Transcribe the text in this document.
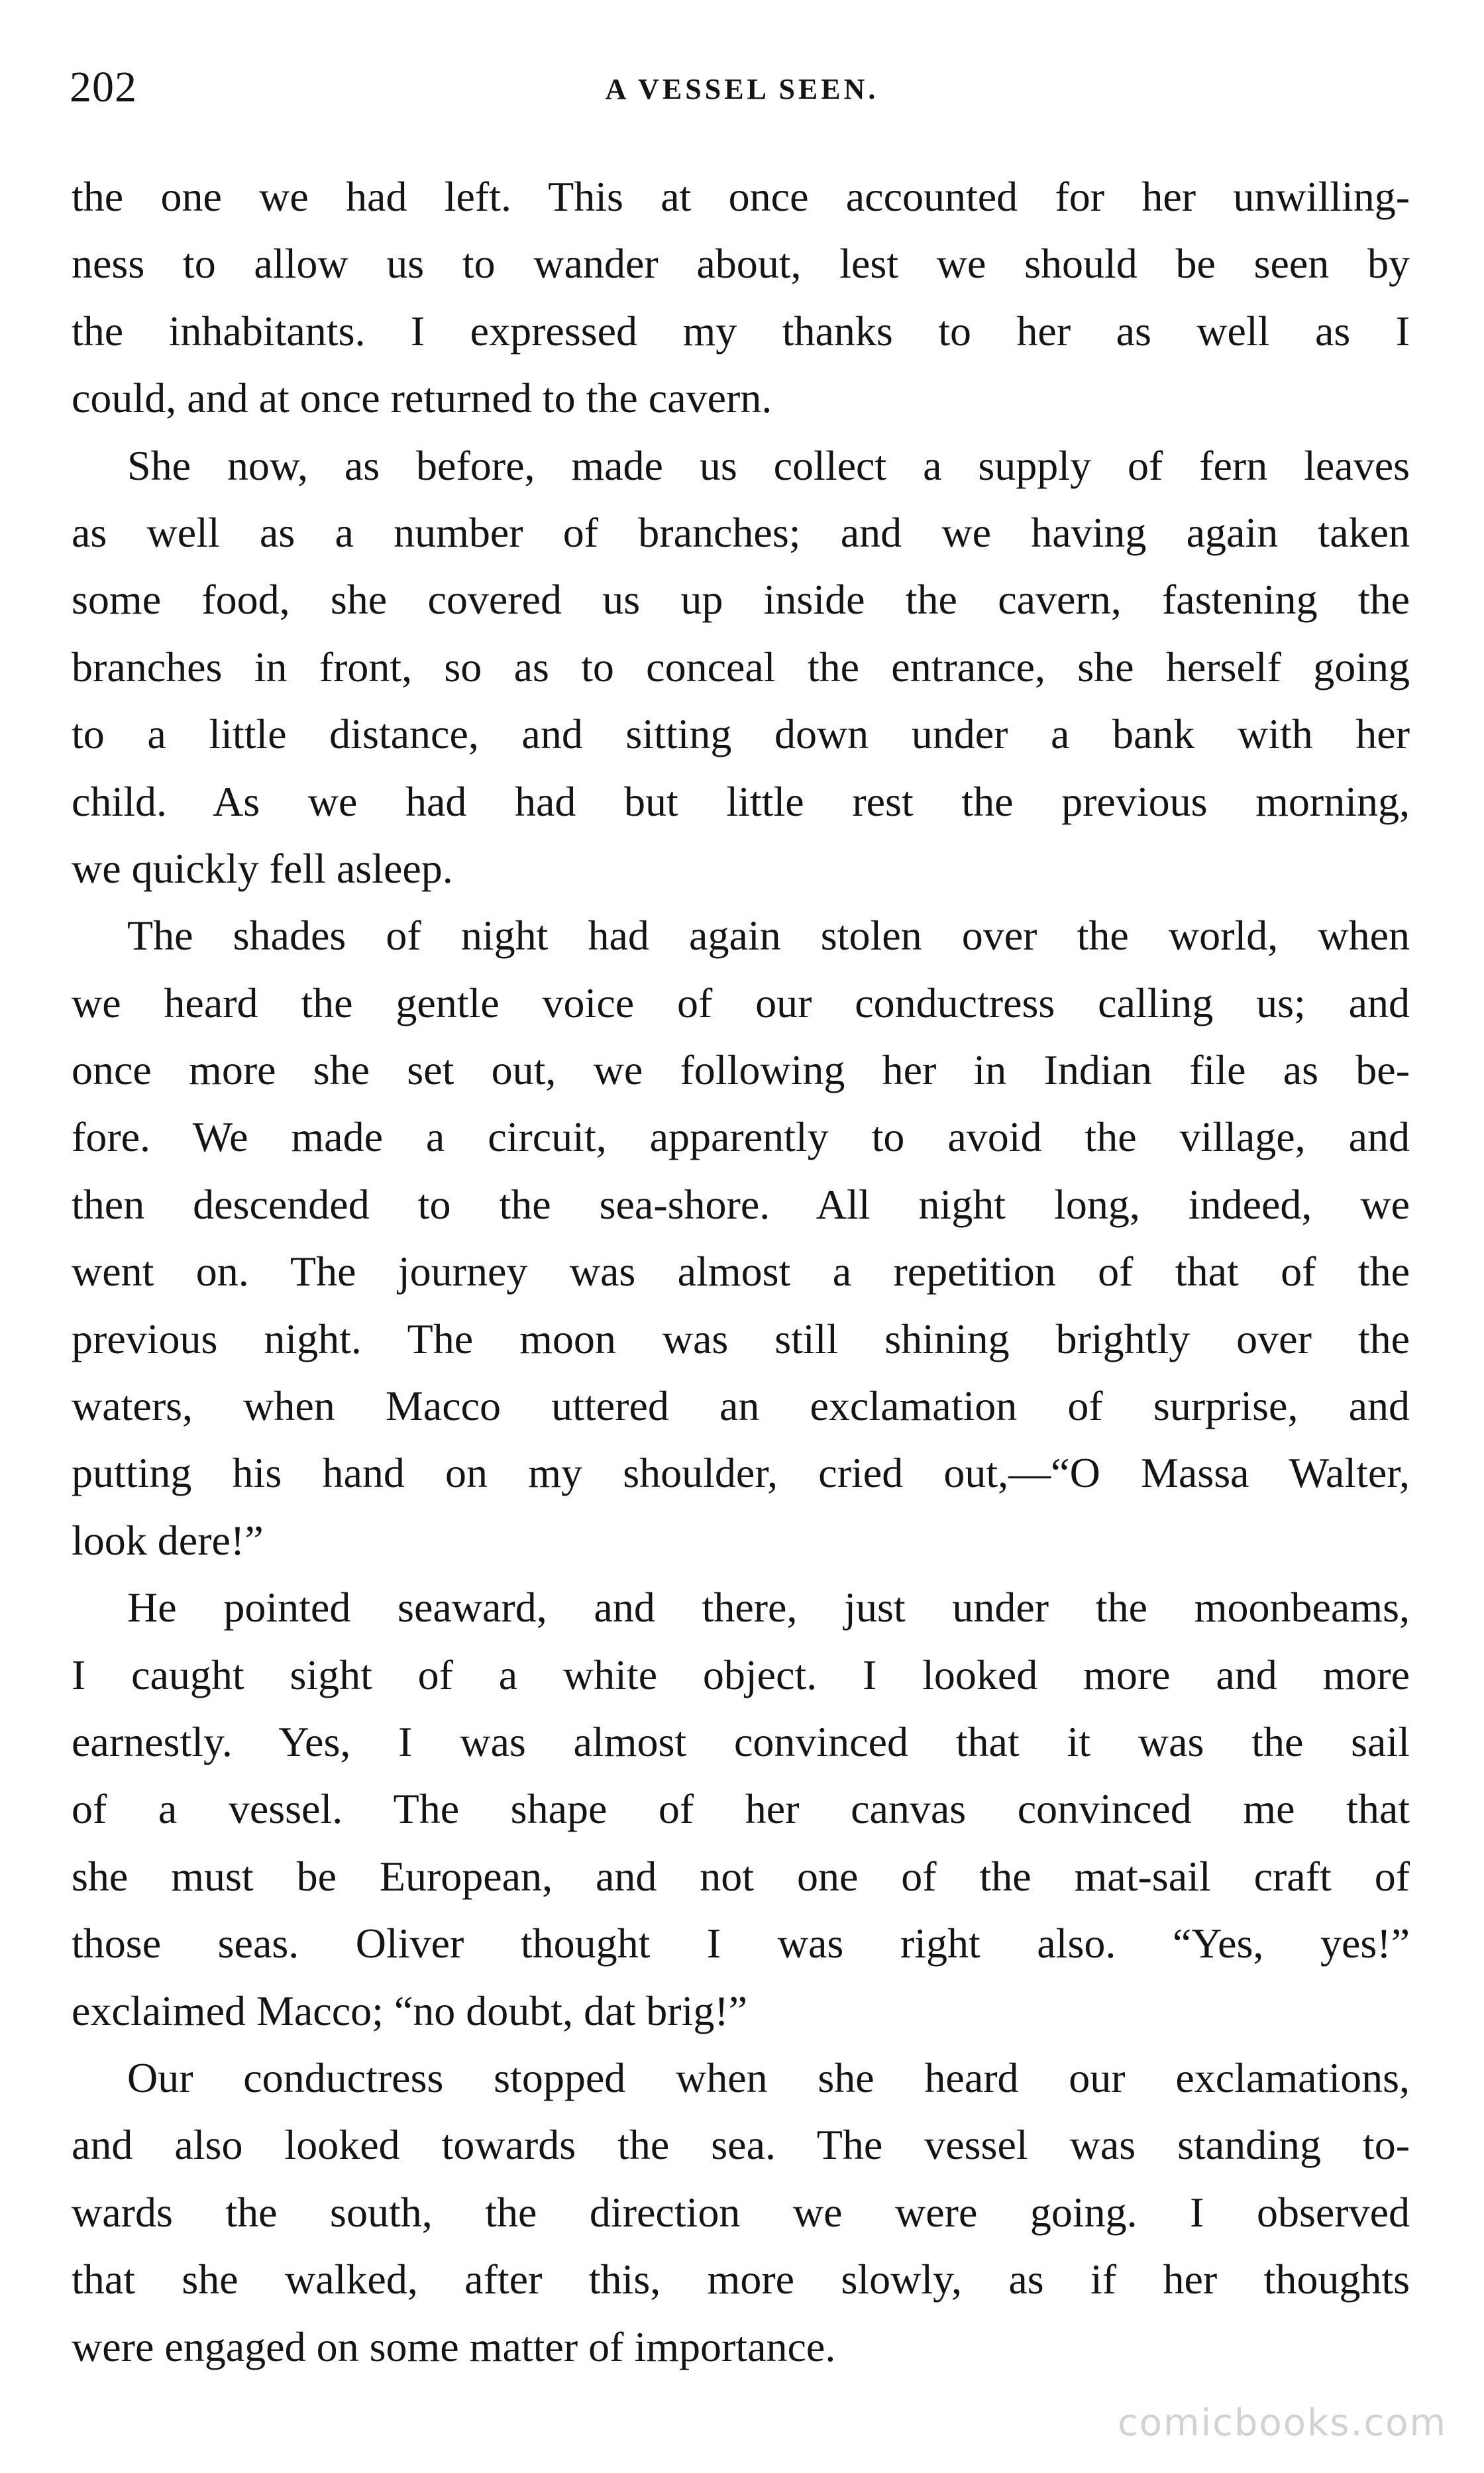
202	A VESSEL SEEN.
the one we had left. This at once accounted for her unwilling-
ness to allow us to wander about, lest we should be seen by
the inhabitants. I expressed my thanks to her as well as I
could, and at once returned to the cavern.
She now, as before, made us collect a supply of fern leaves
as well as a number of branches; and we having again taken
some food, she covered us up inside the cavern, fastening the
branches in front, so as to conceal the entrance, she herself going
to a little distance, and sitting down under a bank with her
child. As we had had but little rest the previous morning,
we quickly fell asleep.
The shades of night had again stolen over the world, when
we heard the gentle voice of our conductress calling us; and
once more she set out, we following her in Indian file as be-
fore. We made a circuit, apparently to avoid the village, and
then descended to the sea-shore. All night long, indeed, we
went on. The journey was almost a repetition of that of the
previous night. The moon was still shining brightly over the
waters, when Macco uttered an exclamation of surprise, and
putting his hand on my shoulder, cried out,—“O Massa Walter,
look dere!”
He pointed seaward, and there, just under the moonbeams,
I caught sight of a white object. I looked more and more
earnestly. Yes, I was almost convinced that it was the sail
of a vessel. The shape of her canvas convinced me that
she must be European, and not one of the mat-sail craft of
those seas. Oliver thought I was right also. “Yes, yes!”
exclaimed Macco; “no doubt, dat brig!”
Our conductress stopped when she heard our exclamations,
and also looked towards the sea. The vessel was standing to-
wards the south, the direction we were going. I observed
that she walked, after this, more slowly, as if her thoughts
were engaged on some matter of importance.
comicbooks.com
